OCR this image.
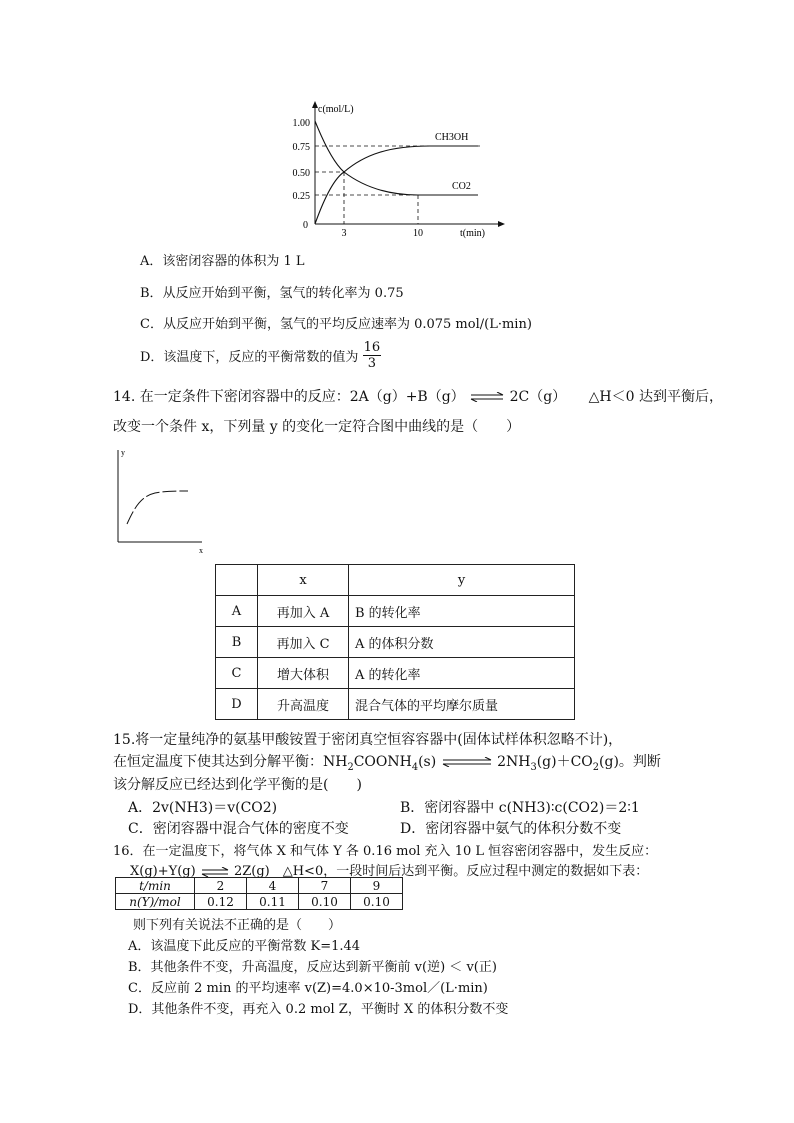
1.00
0.75
0.50
0.25
0
3	10
c(mol/L)
t(min)
CH3OH
CO2
A．该密闭容器的体积为 1 L
B．从反应开始到平衡，氢气的转化率为 0.75
C．从反应开始到平衡，氢气的平均反应速率为 0.075 mol/(L·min)
D．该温度下，反应的平衡常数的值为 $\frac{16}{3}$
14. 在一定条件下密闭容器中的反应：2A（g）+B（g） ⇌ 2C（g） △H＜0 达到平衡后，
改变一个条件 x，下列量 y 的变化一定符合图中曲线的是（　　）
y
x
	x	y
A	再加入 A	B 的转化率
B	再加入 C	A 的体积分数
C	增大体积	A 的转化率
D	升高温度	混合气体的平均摩尔质量
15.将一定量纯净的氨基甲酸铵置于密闭真空恒容容器中(固体试样体积忽略不计)，
在恒定温度下使其达到分解平衡：$NH_2COONH_4(s)$ ⇌ $2NH_3(g)+CO_2(g)$。判断
该分解反应已经达到化学平衡的是(　　)
A．2v(NH3)＝v(CO2)	B．密闭容器中 c(NH3)∶c(CO2)＝2∶1
C．密闭容器中混合气体的密度不变	D．密闭容器中氨气的体积分数不变
16．在一定温度下，将气体 X 和气体 Y 各 0.16 mol 充入 10 L 恒容密闭容器中，发生反应：
X(g)+Y(g) ⇌ 2Z(g)　△H<0，一段时间后达到平衡。反应过程中测定的数据如下表：
t/min	2	4	7	9
n(Y)/mol	0.12	0.11	0.10	0.10
则下列有关说法不正确的是（　　）
A．该温度下此反应的平衡常数 K=1.44
B．其他条件不变，升高温度，反应达到新平衡前 v(逆) ＜ v(正)
C．反应前 2 min 的平均速率 v(Z)=4.0×10-3mol／(L·min)
D．其他条件不变，再充入 0.2 mol Z，平衡时 X 的体积分数不变
